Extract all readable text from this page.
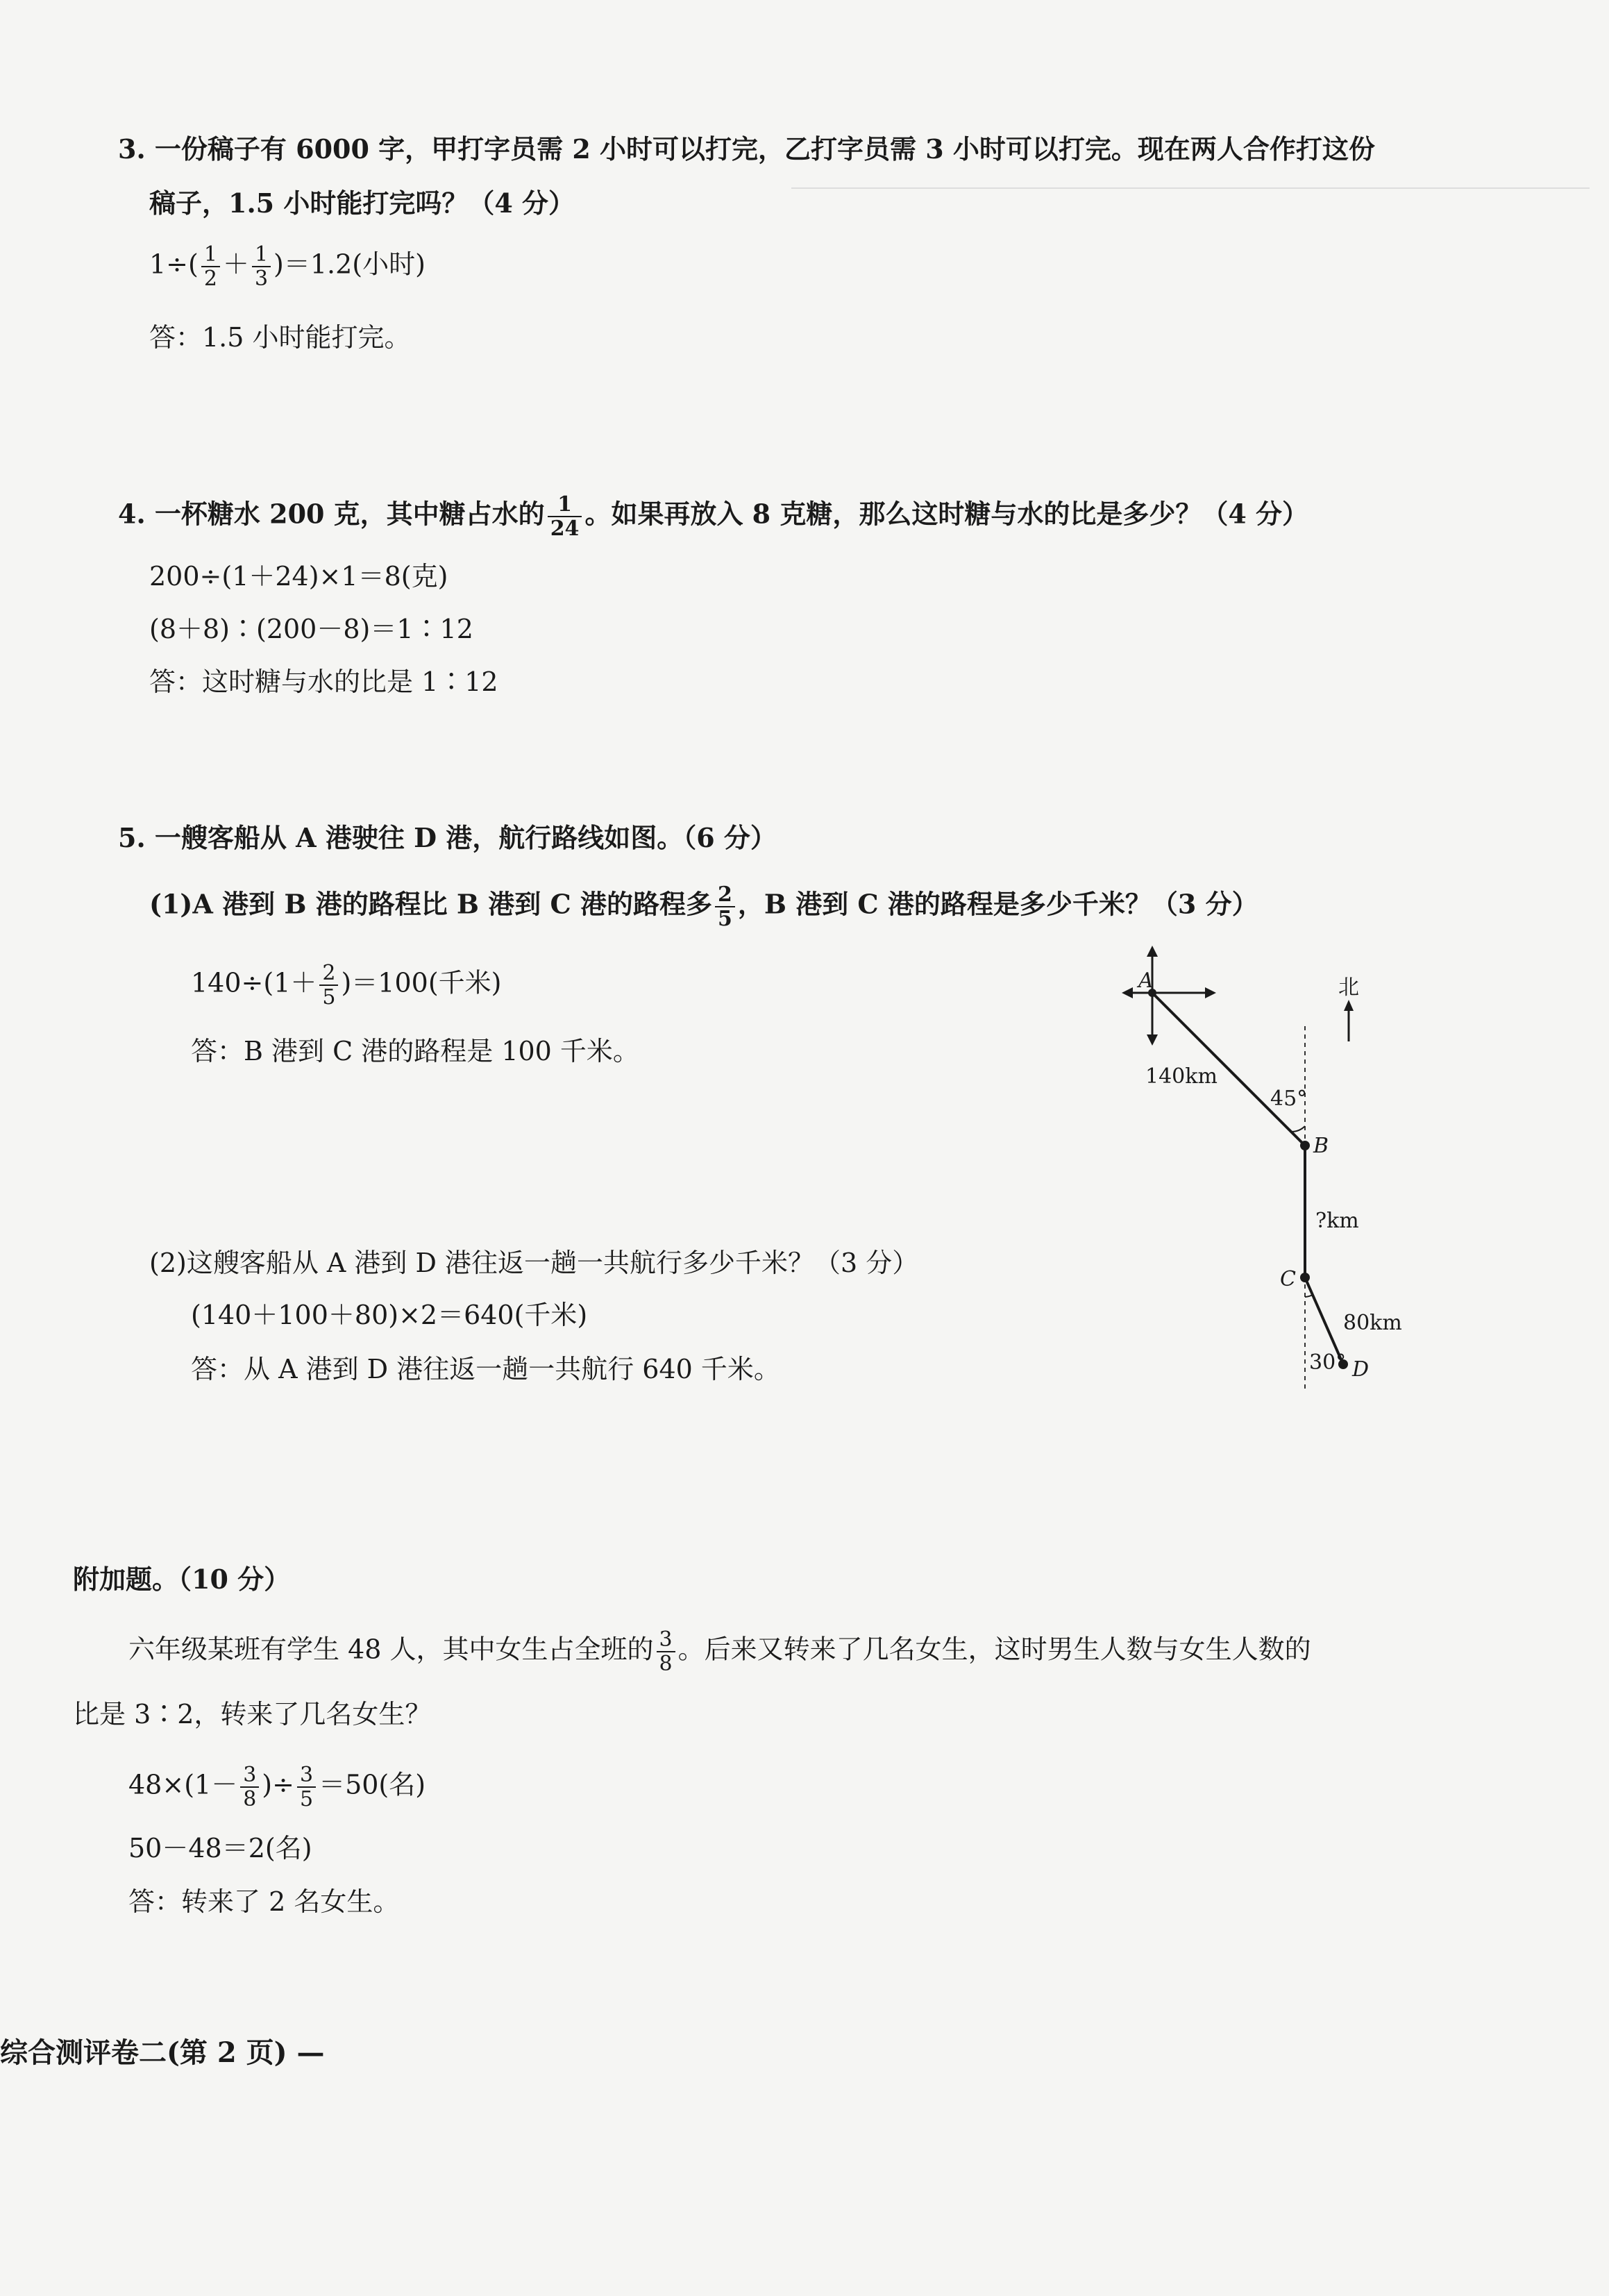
3. 一份稿子有 6000 字，甲打字员需 2 小时可以打完，乙打字员需 3 小时可以打完。现在两人合作打这份
稿子，1.5 小时能打完吗？（4 分）
$1\div( \frac{1}{2} + \frac{1}{3} )=1.2$(小时)
答：1.5 小时能打完。
4. 一杯糖水 200 克，其中糖占水的 $\frac{1}{24}$ 。如果再放入 8 克糖，那么这时糖与水的比是多少？（4 分）
200÷(1＋24)×1＝8(克)
(8＋8)∶(200－8)＝1∶12
答：这时糖与水的比是 1∶12
5. 一艘客船从 A 港驶往 D 港，航行路线如图。（6 分）
(1)A 港到 B 港的路程比 B 港到 C 港的路程多 $\frac{2}{5}$ ，B 港到 C 港的路程是多少千米？（3 分）
$140\div(1+ \frac{2}{5} )=100$(千米)
答：B 港到 C 港的路程是 100 千米。
(2)这艘客船从 A 港到 D 港往返一趟一共航行多少千米？（3 分）
(140＋100＋80)×2＝640(千米)
答：从 A 港到 D 港往返一趟一共航行 640 千米。
A	北
B
C
D
140km
45°
?km
80km
30°
附加题。（10 分）
六年级某班有学生 48 人，其中女生占全班的 $\frac{3}{8}$ 。后来又转来了几名女生，这时男生人数与女生人数的
比是 3∶2，转来了几名女生？
$48\times(1- \frac{3}{8}$ )÷ $\frac{3}{5} =50$(名)
50－48＝2(名)
答：转来了 2 名女生。
综合测评卷二(第 2 页) —
